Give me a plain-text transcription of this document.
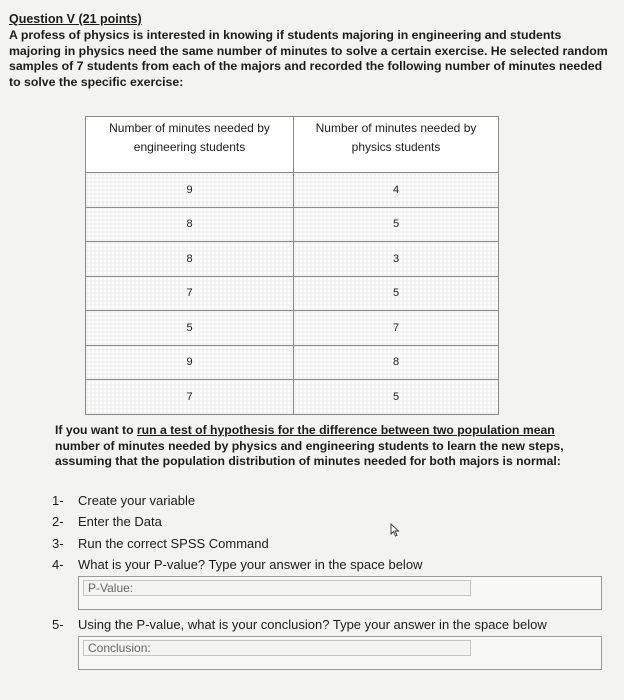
Question V (21 points)

A profess of physics is interested in knowing if students majoring in engineering and students majoring in physics need the same number of minutes to solve a certain exercise. He selected random samples of 7 students from each of the majors and recorded the following number of minutes needed to solve the specific exercise:

Number of minutes needed by engineering students	Number of minutes needed by physics students
9	4
8	5
8	3
7	5
5	7
9	8
7	5

If you want to run a test of hypothesis for the difference between two population mean number of minutes needed by physics and engineering students to learn the new steps, assuming that the population distribution of minutes needed for both majors is normal:

1- Create your variable
2- Enter the Data
3- Run the correct SPSS Command
4- What is your P-value? Type your answer in the space below
P-Value:
5- Using the P-value, what is your conclusion? Type your answer in the space below
Conclusion:
